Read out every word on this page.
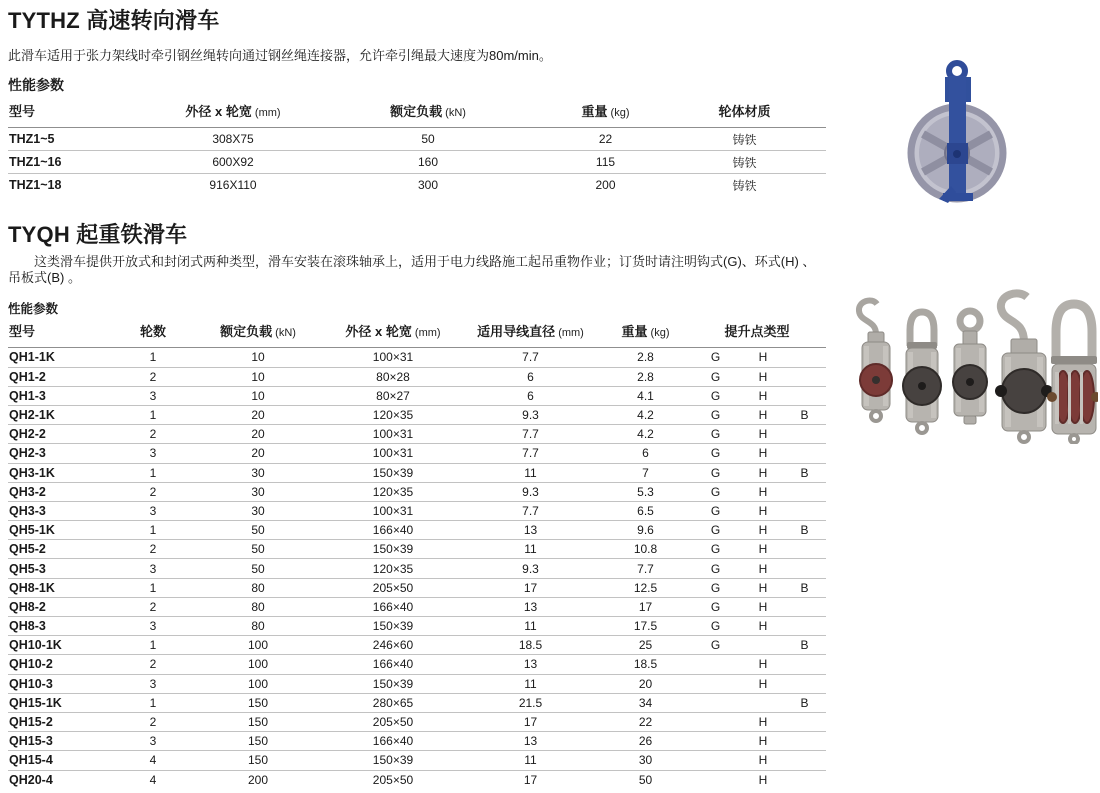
TYTHZ 高速转向滑车

此滑车适用于张力架线时牵引钢丝绳转向通过钢丝绳连接器，允许牵引绳最大速度为80m/min。

性能参数
型号	外径 x 轮宽 (mm)	额定负载 (kN)	重量 (kg)	轮体材质
THZ1~5	308X75	50	22	铸铁
THZ1~16	600X92	160	115	铸铁
THZ1~18	916X110	300	200	铸铁
TYQH 起重铁滑车
这类滑车提供开放式和封闭式两种类型，滑车安装在滚珠轴承上，适用于电力线路施工起吊重物作业；订货时请注明钩式(G)、环式(H) 、
吊板式(B) 。
性能参数
型号	轮数	额定负载 (kN)	外径 x 轮宽 (mm)	适用导线直径 (mm)	重量 (kg)	提升点类型		
QH1-1K	1	10	100×31	7.7	2.8	G	H	
QH1-2	2	10	80×28	6	2.8	G	H	
QH1-3	3	10	80×27	6	4.1	G	H	
QH2-1K	1	20	120×35	9.3	4.2	G	H	B
QH2-2	2	20	100×31	7.7	4.2	G	H	
QH2-3	3	20	100×31	7.7	6	G	H	
QH3-1K	1	30	150×39	11	7	G	H	B
QH3-2	2	30	120×35	9.3	5.3	G	H	
QH3-3	3	30	100×31	7.7	6.5	G	H	
QH5-1K	1	50	166×40	13	9.6	G	H	B
QH5-2	2	50	150×39	11	10.8	G	H	
QH5-3	3	50	120×35	9.3	7.7	G	H	
QH8-1K	1	80	205×50	17	12.5	G	H	B
QH8-2	2	80	166×40	13	17	G	H	
QH8-3	3	80	150×39	11	17.5	G	H	
QH10-1K	1	100	246×60	18.5	25	G		B
QH10-2	2	100	166×40	13	18.5		H	
QH10-3	3	100	150×39	11	20		H	
QH15-1K	1	150	280×65	21.5	34			B
QH15-2	2	150	205×50	17	22		H	
QH15-3	3	150	166×40	13	26		H	
QH15-4	4	150	150×39	11	30		H	
QH20-4	4	200	205×50	17	50		H	
